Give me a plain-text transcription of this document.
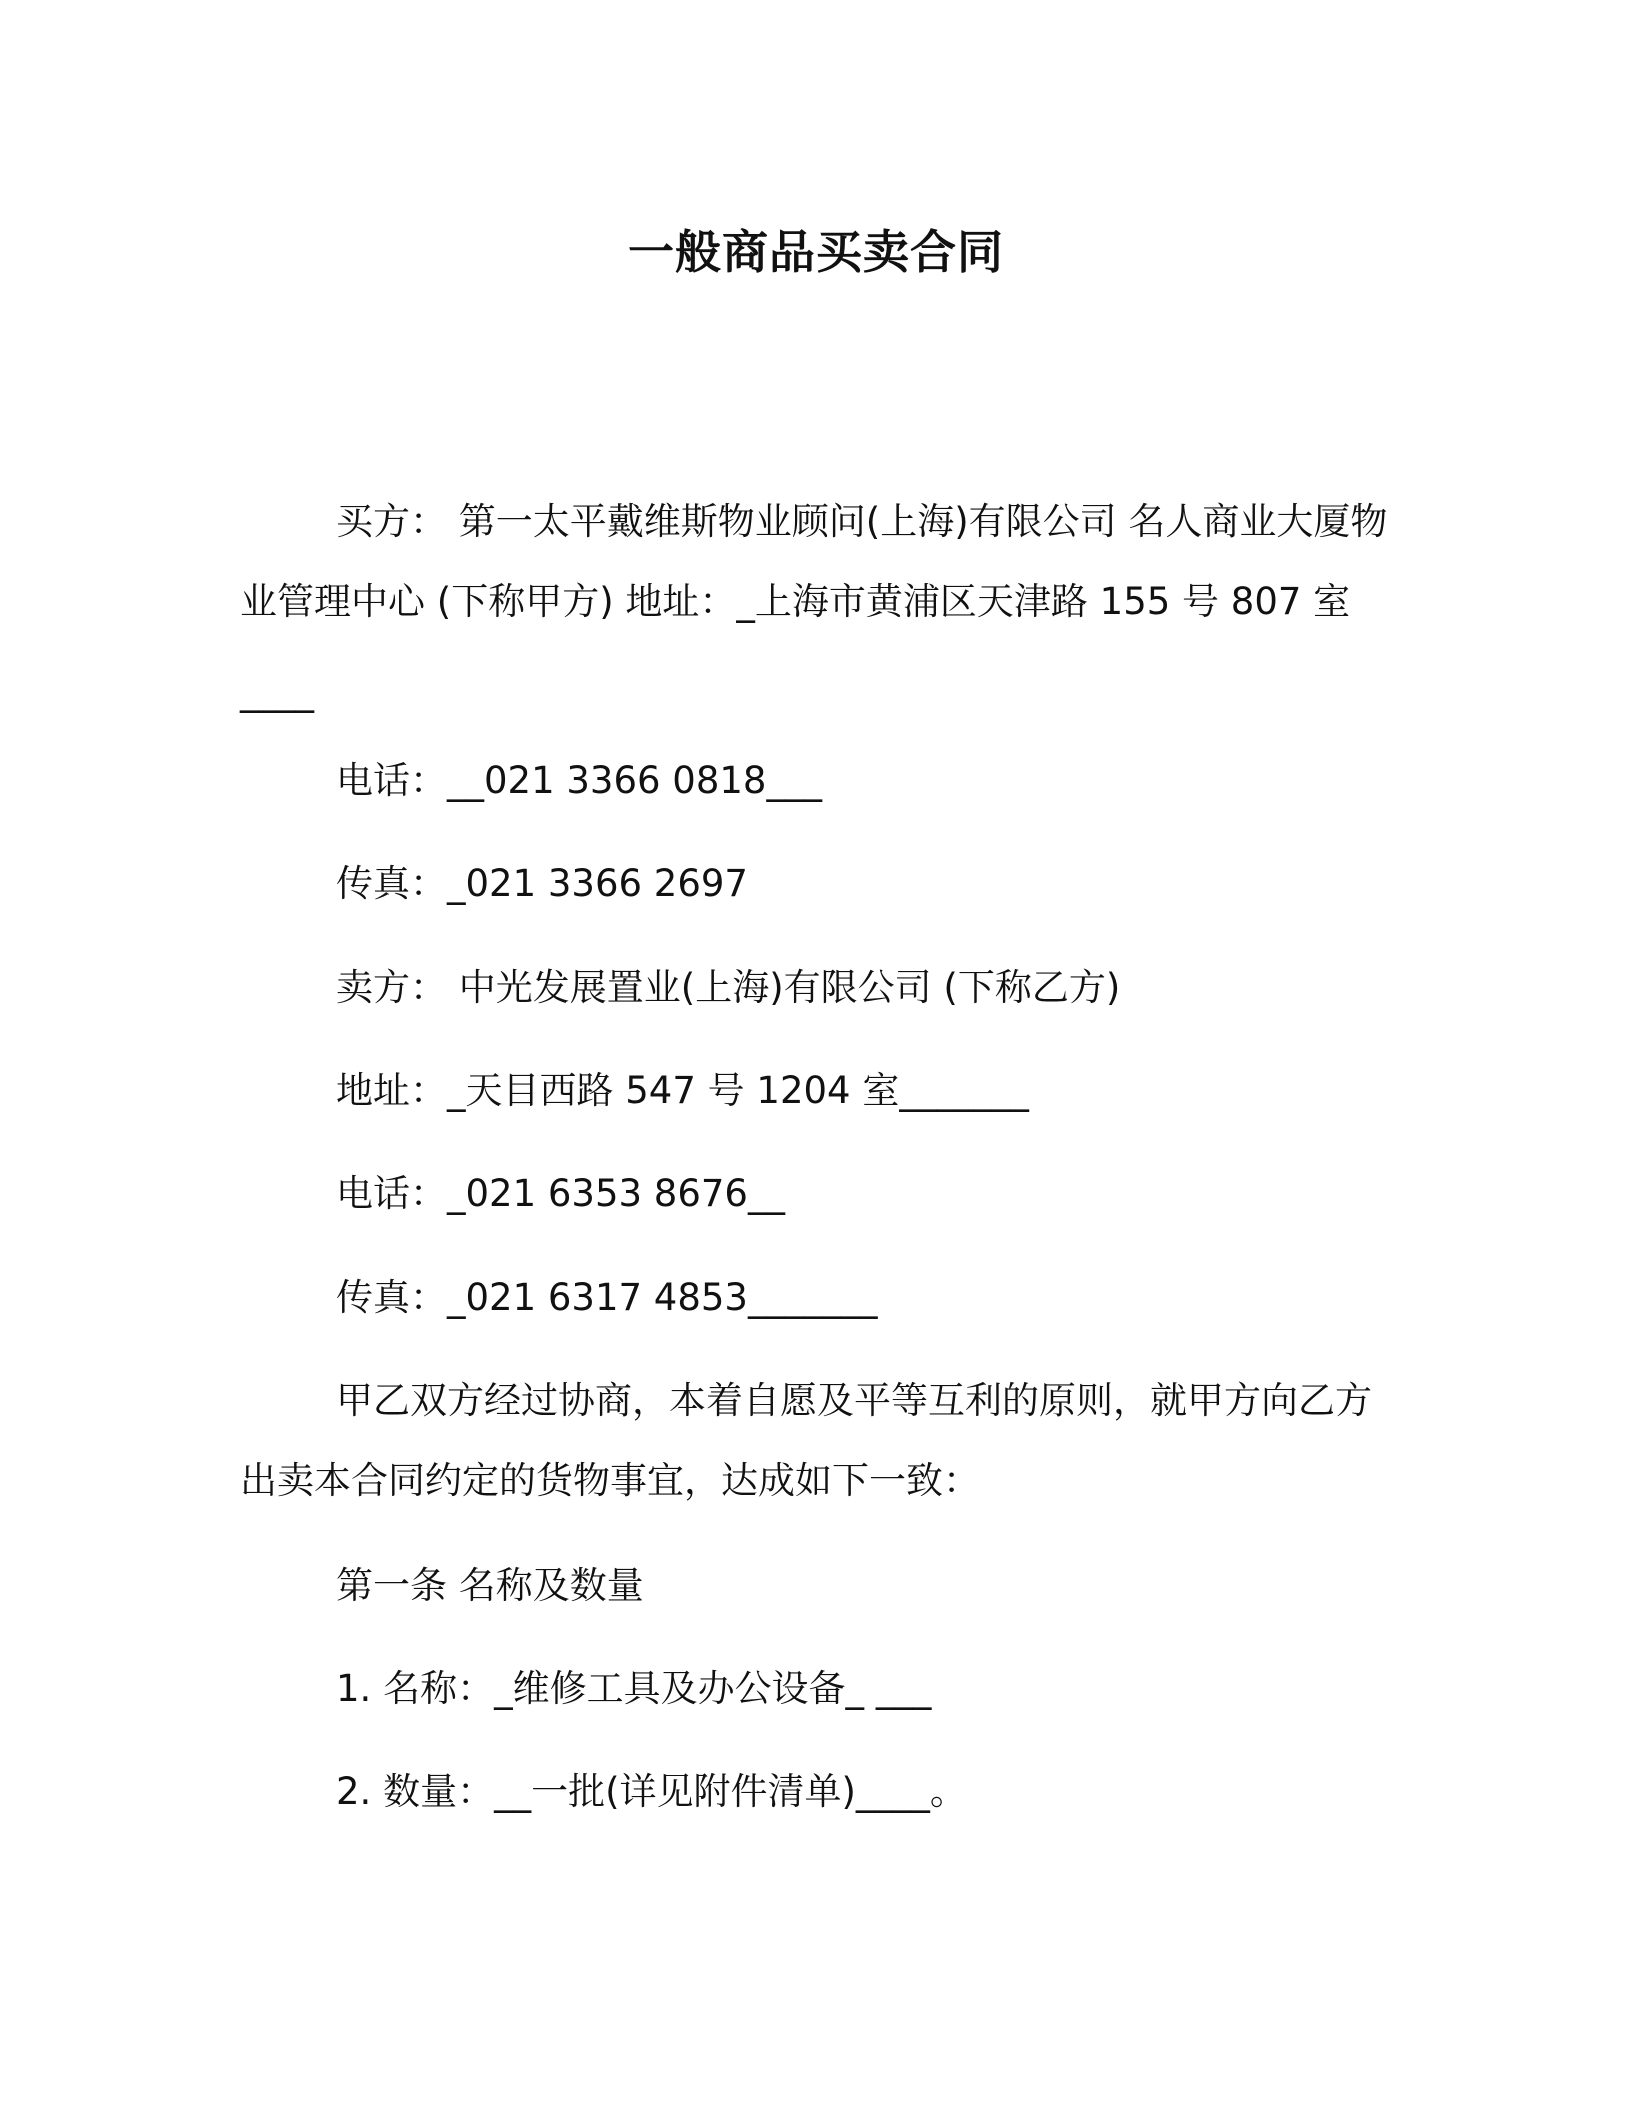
一般商品买卖合同
买方： 第一太平戴维斯物业顾问(上海)有限公司 名人商业大厦物
业管理中心 (下称甲方) 地址：_上海市黄浦区天津路 155 号 807 室
____
电话：__021 3366 0818___
传真：_021 3366 2697
卖方： 中光发展置业(上海)有限公司 (下称乙方)
地址：_天目西路 547 号 1204 室_______
电话：_021 6353 8676__
传真：_021 6317 4853_______
甲乙双方经过协商，本着自愿及平等互利的原则，就甲方向乙方
出卖本合同约定的货物事宜，达成如下一致：
第一条 名称及数量
1. 名称：_维修工具及办公设备_ ___
2. 数量：__一批(详见附件清单)____。
